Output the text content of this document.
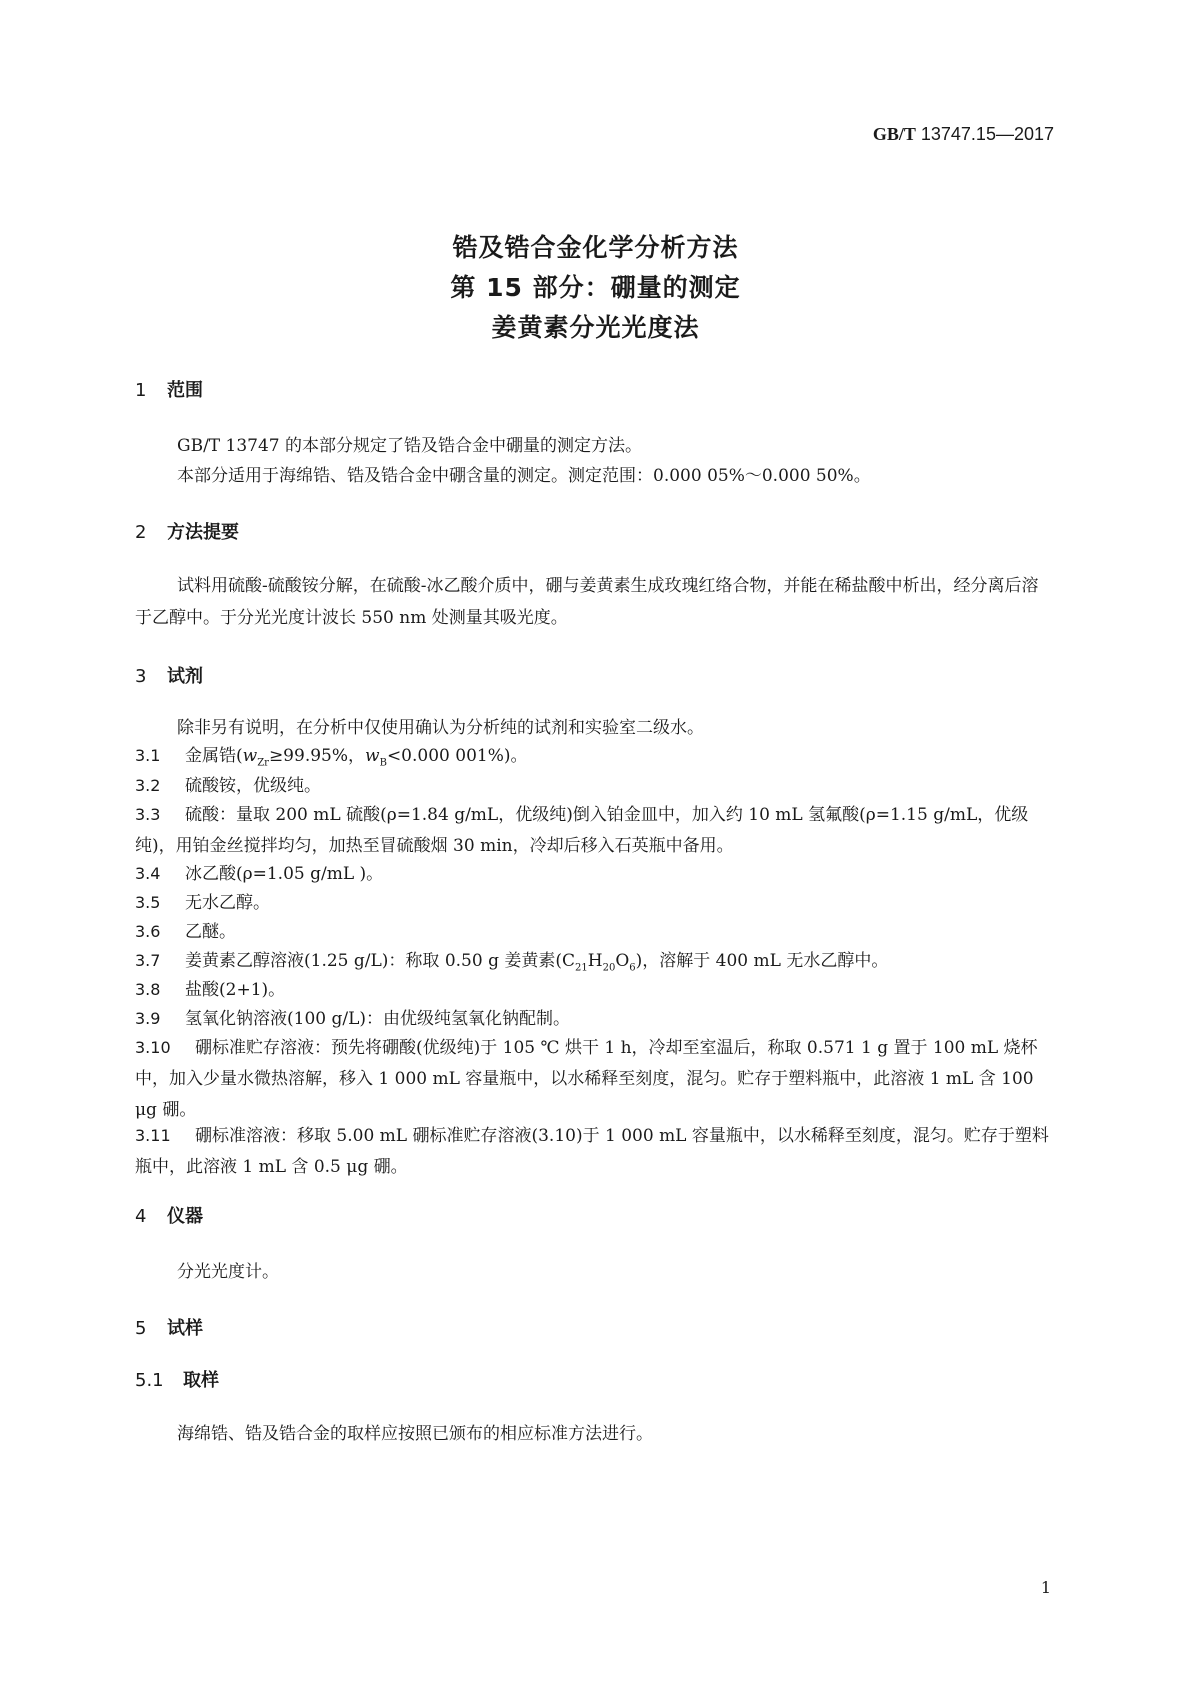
GB/T 13747.15—2017
锆及锆合金化学分析方法
第 15 部分：硼量的测定
姜黄素分光光度法
1 范围
GB/T 13747 的本部分规定了锆及锆合金中硼量的测定方法。
本部分适用于海绵锆、锆及锆合金中硼含量的测定。测定范围：0.000 05%～0.000 50%。
2 方法提要
试料用硫酸-硫酸铵分解，在硫酸-冰乙酸介质中，硼与姜黄素生成玫瑰红络合物，并能在稀盐酸中析出，经分离后溶于乙醇中。于分光光度计波长 550 nm 处测量其吸光度。
3 试剂
除非另有说明，在分析中仅使用确认为分析纯的试剂和实验室二级水。
3.1 金属锆($w_{Zr}\ge 99.95\%$，$w_B<0.000$ 001%)。
3.2 硫酸铵，优级纯。
3.3 硫酸：量取 200 mL 硫酸(ρ=1.84 g/mL，优级纯)倒入铂金皿中，加入约 10 mL 氢氟酸(ρ=1.15 g/mL，优级纯)，用铂金丝搅拌均匀，加热至冒硫酸烟 30 min，冷却后移入石英瓶中备用。
3.4 冰乙酸(ρ=1.05 g/mL )。
3.5 无水乙醇。
3.6 乙醚。
3.7 姜黄素乙醇溶液(1.25 g/L)：称取 0.50 g 姜黄素$(C_{21}H_{20}O_6)$，溶解于 400 mL 无水乙醇中。
3.8 盐酸(2+1)。
3.9 氢氧化钠溶液(100 g/L)：由优级纯氢氧化钠配制。
3.10 硼标准贮存溶液：预先将硼酸(优级纯)于 105 ℃ 烘干 1 h，冷却至室温后，称取 0.571 1 g 置于 100 mL 烧杯中，加入少量水微热溶解，移入 1 000 mL 容量瓶中，以水稀释至刻度，混匀。贮存于塑料瓶中，此溶液 1 mL 含 100 μg 硼。
3.11 硼标准溶液：移取 5.00 mL 硼标准贮存溶液(3.10)于 1 000 mL 容量瓶中，以水稀释至刻度，混匀。贮存于塑料瓶中，此溶液 1 mL 含 0.5 μg 硼。
4 仪器
分光光度计。
5 试样
5.1 取样
海绵锆、锆及锆合金的取样应按照已颁布的相应标准方法进行。
1
